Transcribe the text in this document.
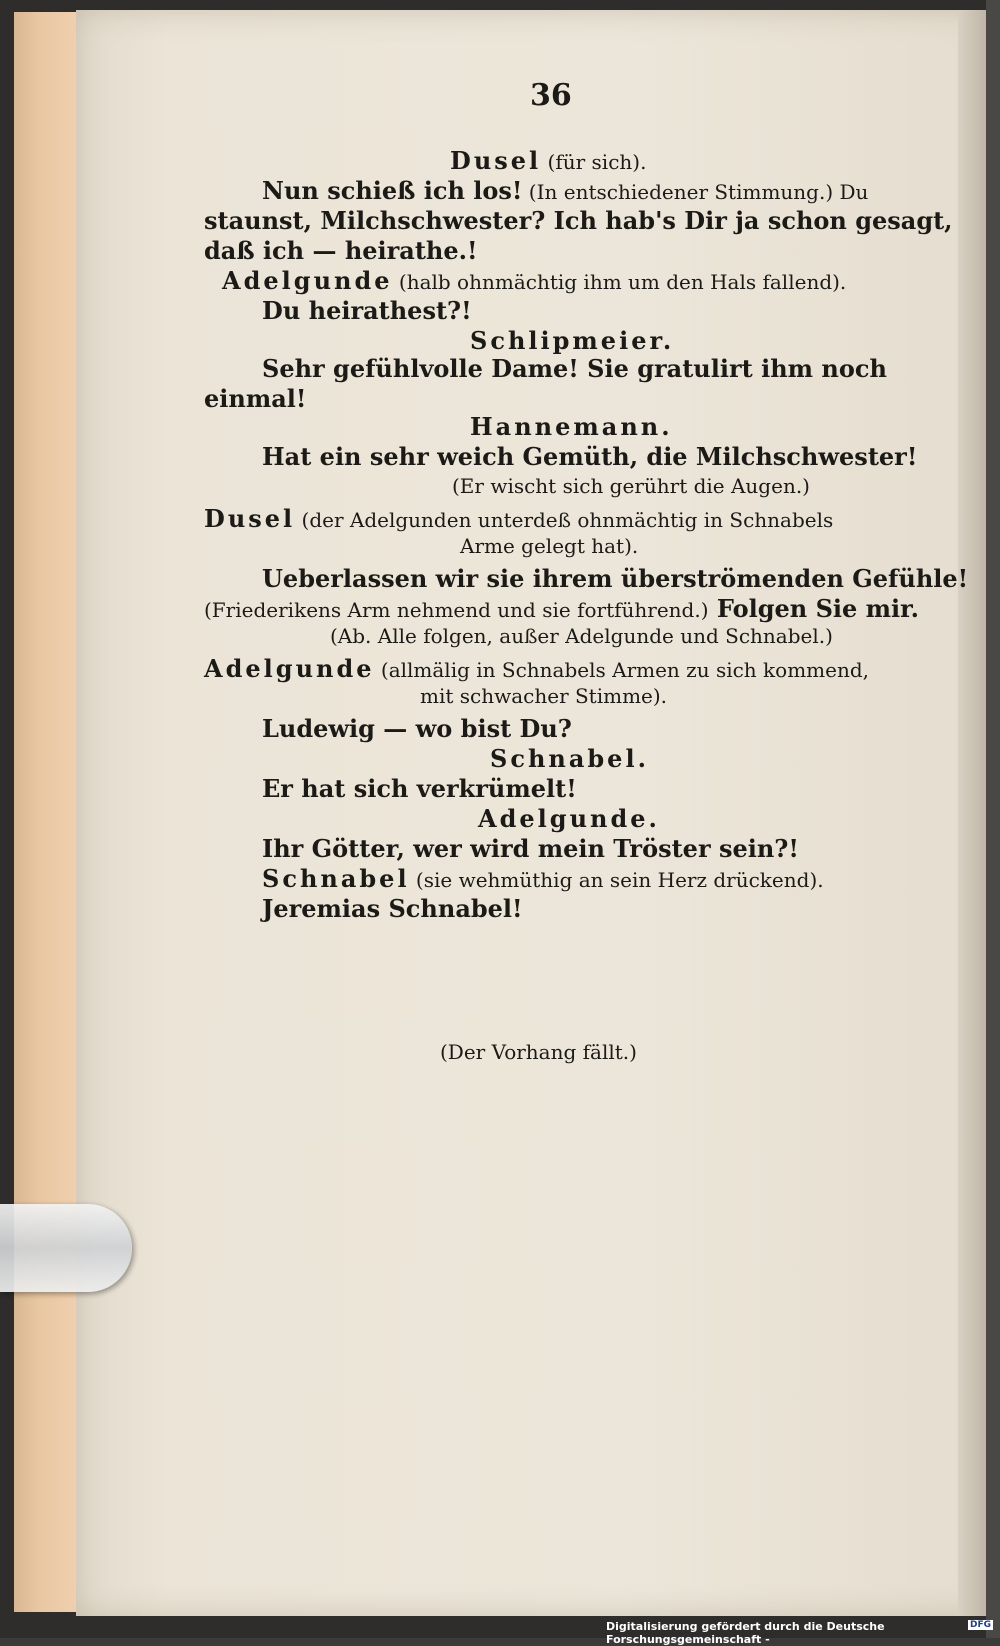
36
Dusel (für sich).
Nun schieß ich los! (In entschiedener Stimmung.) Du
staunst, Milchschwester? Ich hab's Dir ja schon gesagt,
daß ich — heirathe.!
Adelgunde (halb ohnmächtig ihm um den Hals fallend).
Du heirathest?!
Schlipmeier.
Sehr gefühlvolle Dame! Sie gratulirt ihm noch
einmal!
Hannemann.
Hat ein sehr weich Gemüth, die Milchschwester!
(Er wischt sich gerührt die Augen.)
Dusel (der Adelgunden unterdeß ohnmächtig in Schnabels
Arme gelegt hat).
Ueberlassen wir sie ihrem überströmenden Gefühle!
(Friederikens Arm nehmend und sie fortführend.) Folgen Sie mir.
(Ab. Alle folgen, außer Adelgunde und Schnabel.)
Adelgunde (allmälig in Schnabels Armen zu sich kommend,
mit schwacher Stimme).
Ludewig — wo bist Du?
Schnabel.
Er hat sich verkrümelt!
Adelgunde.
Ihr Götter, wer wird mein Tröster sein?!
Schnabel (sie wehmüthig an sein Herz drückend).
Jeremias Schnabel!
(Der Vorhang fällt.)
Digitalisierung gefördert durch die Deutsche Forschungsgemeinschaft -
DFG
